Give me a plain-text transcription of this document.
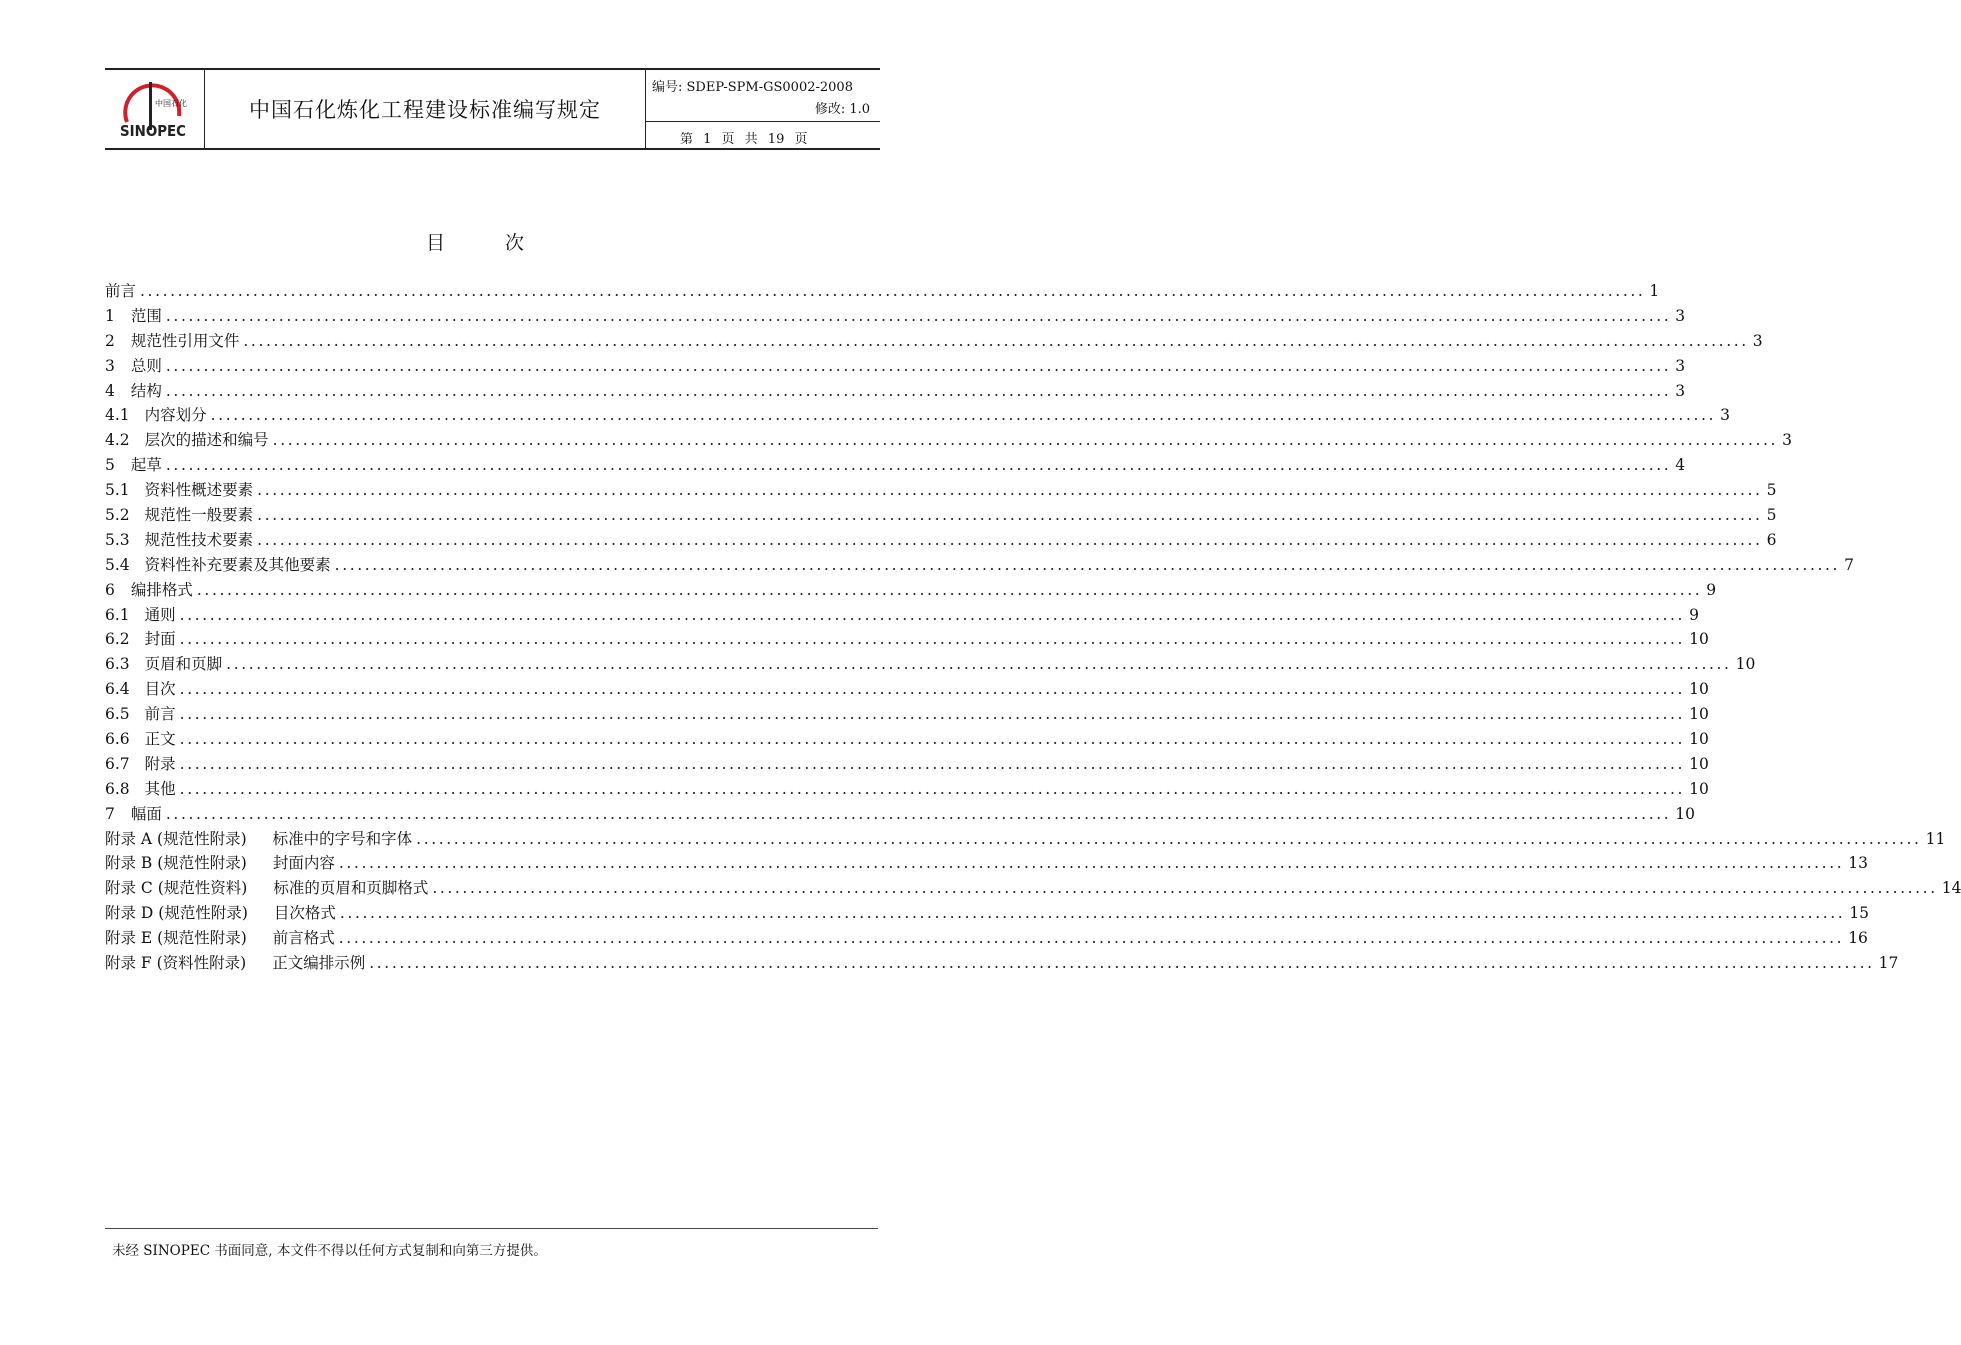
中国石化
SINOPEC
中国石化炼化工程建设标准编写规定
编号: SDEP-SPM-GS0002-2008
修改: 1.0
第 1 页 共 19 页
目次
前言 ........................................................................................................................................................................................................ 1
1 范围 ........................................................................................................................................................................................................ 3
2 规范性引用文件 ........................................................................................................................................................................................................ 3
3 总则 ........................................................................................................................................................................................................ 3
4 结构 ........................................................................................................................................................................................................ 3
4.1 内容划分 ........................................................................................................................................................................................................ 3
4.2 层次的描述和编号 ........................................................................................................................................................................................................ 3
5 起草 ........................................................................................................................................................................................................ 4
5.1 资料性概述要素 ........................................................................................................................................................................................................ 5
5.2 规范性一般要素 ........................................................................................................................................................................................................ 5
5.3 规范性技术要素 ........................................................................................................................................................................................................ 6
5.4 资料性补充要素及其他要素 ........................................................................................................................................................................................................ 7
6 编排格式 ........................................................................................................................................................................................................ 9
6.1 通则 ........................................................................................................................................................................................................ 9
6.2 封面 ........................................................................................................................................................................................................ 10
6.3 页眉和页脚 ........................................................................................................................................................................................................ 10
6.4 目次 ........................................................................................................................................................................................................ 10
6.5 前言 ........................................................................................................................................................................................................ 10
6.6 正文 ........................................................................................................................................................................................................ 10
6.7 附录 ........................................................................................................................................................................................................ 10
6.8 其他 ........................................................................................................................................................................................................ 10
7 幅面 ........................................................................................................................................................................................................ 10
附录 A (规范性附录) 标准中的字号和字体 ........................................................................................................................................................................................................ 11
附录 B (规范性附录) 封面内容 ........................................................................................................................................................................................................ 13
附录 C (规范性资料) 标准的页眉和页脚格式 ........................................................................................................................................................................................................ 14
附录 D (规范性附录) 目次格式 ........................................................................................................................................................................................................ 15
附录 E (规范性附录) 前言格式 ........................................................................................................................................................................................................ 16
附录 F (资料性附录) 正文编排示例 ........................................................................................................................................................................................................ 17
未经 SINOPEC 书面同意, 本文件不得以任何方式复制和向第三方提供。
